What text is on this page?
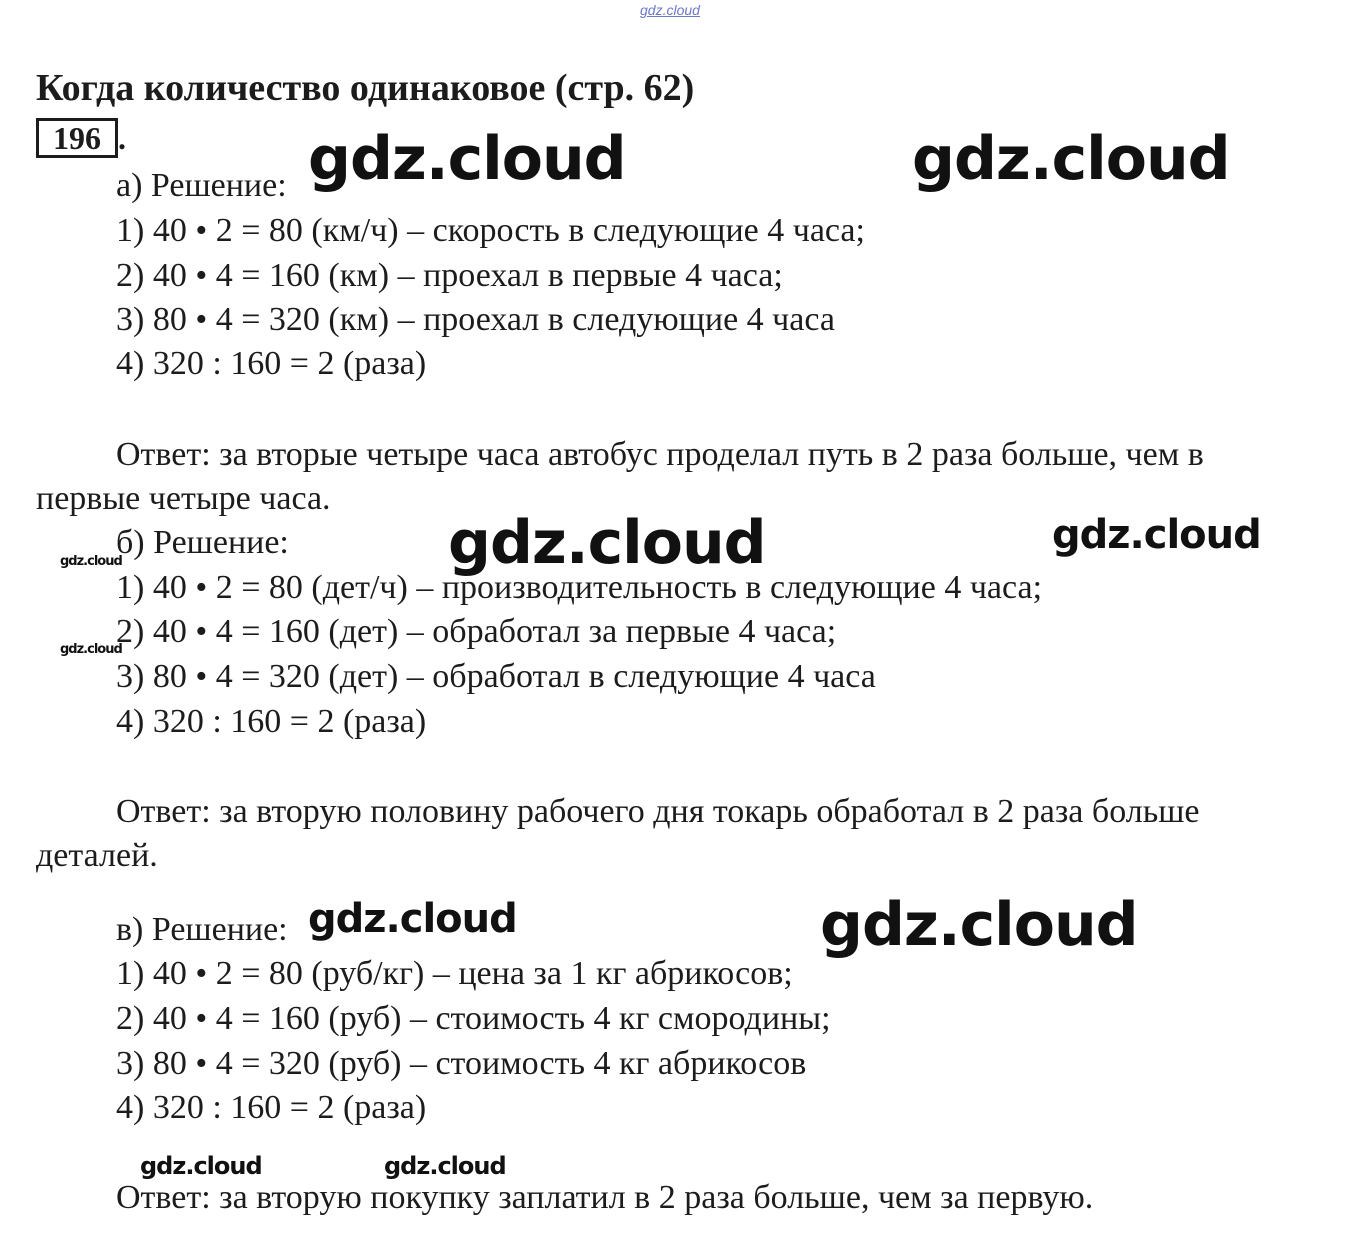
gdz.cloud
Когда количество одинаковое (стр. 62)
196 .
а) Решение:
1) 40 • 2 = 80 (км/ч) – скорость в следующие 4 часа;
2) 40 • 4 = 160 (км) – проехал в первые 4 часа;
3) 80 • 4 = 320 (км) – проехал в следующие 4 часа
4) 320 : 160 = 2 (раза)
Ответ: за вторые четыре часа автобус проделал путь в 2 раза больше, чем в первые четыре часа.
б) Решение:
1) 40 • 2 = 80 (дет/ч) – производительность в следующие 4 часа;
2) 40 • 4 = 160 (дет) – обработал за первые 4 часа;
3) 80 • 4 = 320 (дет) – обработал в следующие 4 часа
4) 320 : 160 = 2 (раза)
Ответ: за вторую половину рабочего дня токарь обработал в 2 раза больше деталей.
в) Решение:
1) 40 • 2 = 80 (руб/кг) – цена за 1 кг абрикосов;
2) 40 • 4 = 160 (руб) – стоимость 4 кг смородины;
3) 80 • 4 = 320 (руб) – стоимость 4 кг абрикосов
4) 320 : 160 = 2 (раза)
Ответ: за вторую покупку заплатил в 2 раза больше, чем за первую.
gdz.cloud	gdz.cloud
gdz.cloud	gdz.cloud
gdz.cloud
gdz.cloud
gdz.cloud	gdz.cloud
gdz.cloud	gdz.cloud
